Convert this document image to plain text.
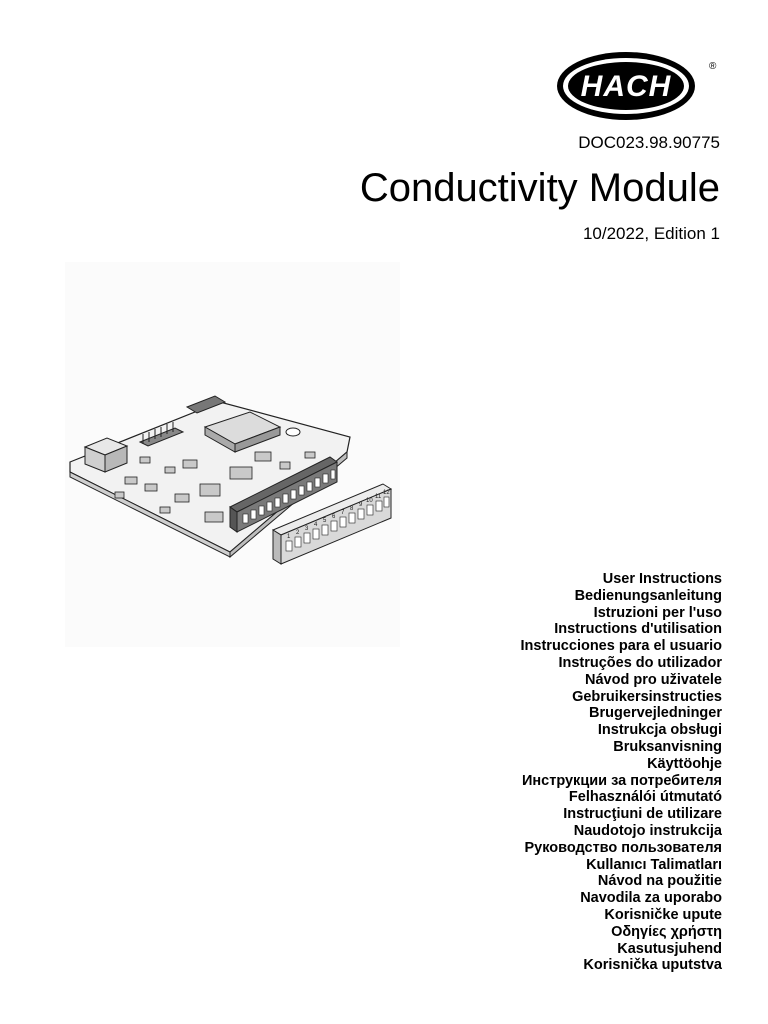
HACH
®
DOC023.98.90775
Conductivity Module
10/2022, Edition 1
1
2
3
4
5
6
7
8
9
10
11
12
User Instructions
Bedienungsanleitung
Istruzioni per l'uso
Instructions d'utilisation
Instrucciones para el usuario
Instruções do utilizador
Návod pro uživatele
Gebruikersinstructies
Brugervejledninger
Instrukcja obsługi
Bruksanvisning
Käyttöohje
Инструкции за потребителя
Felhasználói útmutató
Instrucţiuni de utilizare
Naudotojo instrukcija
Руководство пользователя
Kullanıcı Talimatları
Návod na použitie
Navodila za uporabo
Korisničke upute
Οδηγίες χρήστη
Kasutusjuhend
Korisnička uputstva
